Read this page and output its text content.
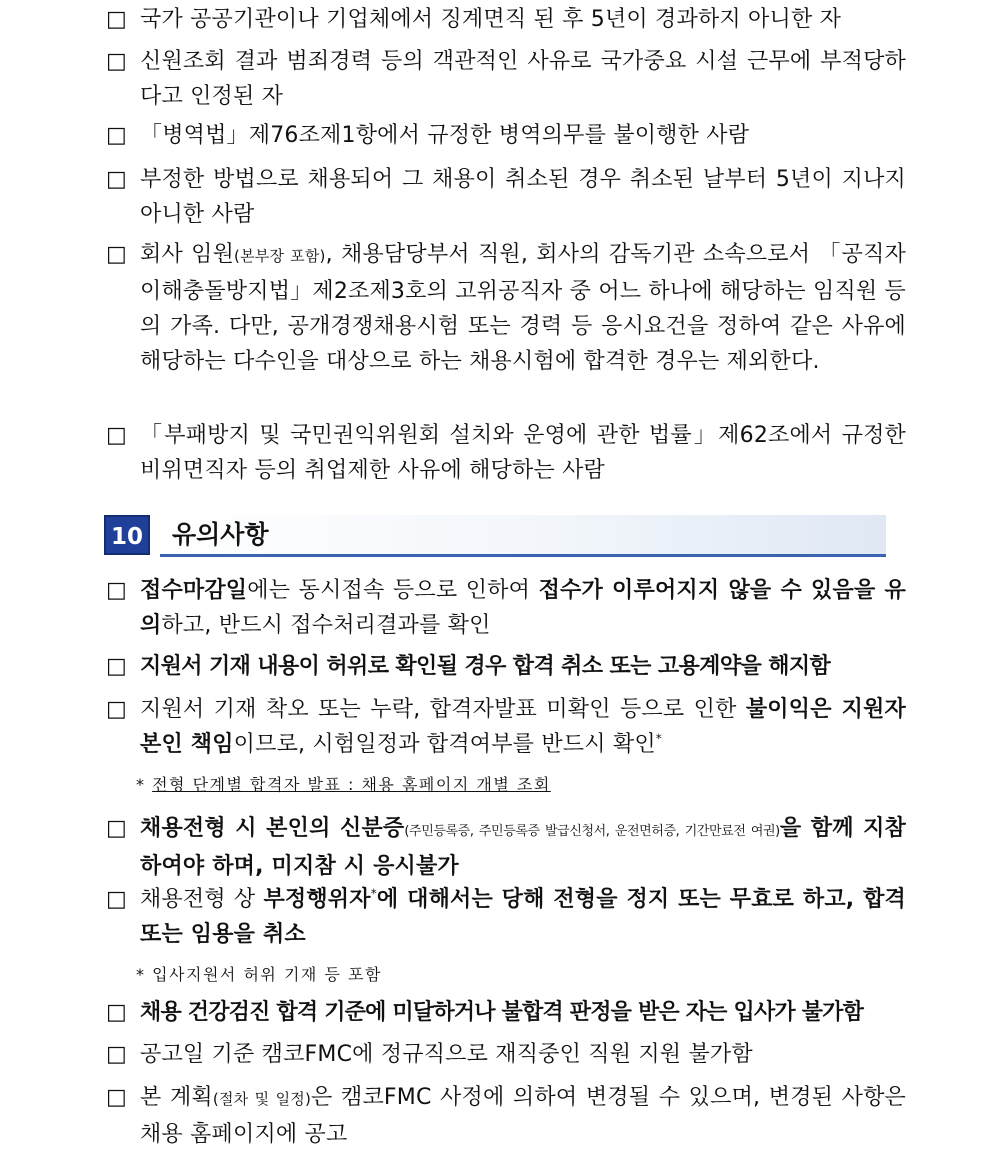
□ 국가 공공기관이나 기업체에서 징계면직 된 후 5년이 경과하지 아니한 자
□ 신원조회 결과 범죄경력 등의 객관적인 사유로 국가중요 시설 근무에 부적당하다고 인정된 자
□ 「병역법」제76조제1항에서 규정한 병역의무를 불이행한 사람
□ 부정한 방법으로 채용되어 그 채용이 취소된 경우 취소된 날부터 5년이 지나지 아니한 사람
□ 회사 임원(본부장 포함), 채용담당부서 직원, 회사의 감독기관 소속으로서 「공직자 이해충돌방지법」제2조제3호의 고위공직자 중 어느 하나에 해당하는 임직원 등의 가족. 다만, 공개경쟁채용시험 또는 경력 등 응시요건을 정하여 같은 사유에 해당하는 다수인을 대상으로 하는 채용시험에 합격한 경우는 제외한다.
□ 「부패방지 및 국민권익위원회 설치와 운영에 관한 법률」제62조에서 규정한 비위면직자 등의 취업제한 사유에 해당하는 사람
10 유의사항
□ 접수마감일에는 동시접속 등으로 인하여 접수가 이루어지지 않을 수 있음을 유의하고, 반드시 접수처리결과를 확인
□ 지원서 기재 내용이 허위로 확인될 경우 합격 취소 또는 고용계약을 해지함
□ 지원서 기재 착오 또는 누락, 합격자발표 미확인 등으로 인한 불이익은 지원자 본인 책임이므로, 시험일정과 합격여부를 반드시 확인*
* 전형 단계별 합격자 발표 : 채용 홈페이지 개별 조회
□ 채용전형 시 본인의 신분증(주민등록증, 주민등록증 발급신청서, 운전면허증, 기간만료전 여권)을 함께 지참하여야 하며, 미지참 시 응시불가
□ 채용전형 상 부정행위자*에 대해서는 당해 전형을 정지 또는 무효로 하고, 합격 또는 임용을 취소
* 입사지원서 허위 기재 등 포함
□ 채용 건강검진 합격 기준에 미달하거나 불합격 판정을 받은 자는 입사가 불가함
□ 공고일 기준 캠코FMC에 정규직으로 재직중인 직원 지원 불가함
□ 본 계획(절차 및 일정)은 캠코FMC 사정에 의하여 변경될 수 있으며, 변경된 사항은 채용 홈페이지에 공고
